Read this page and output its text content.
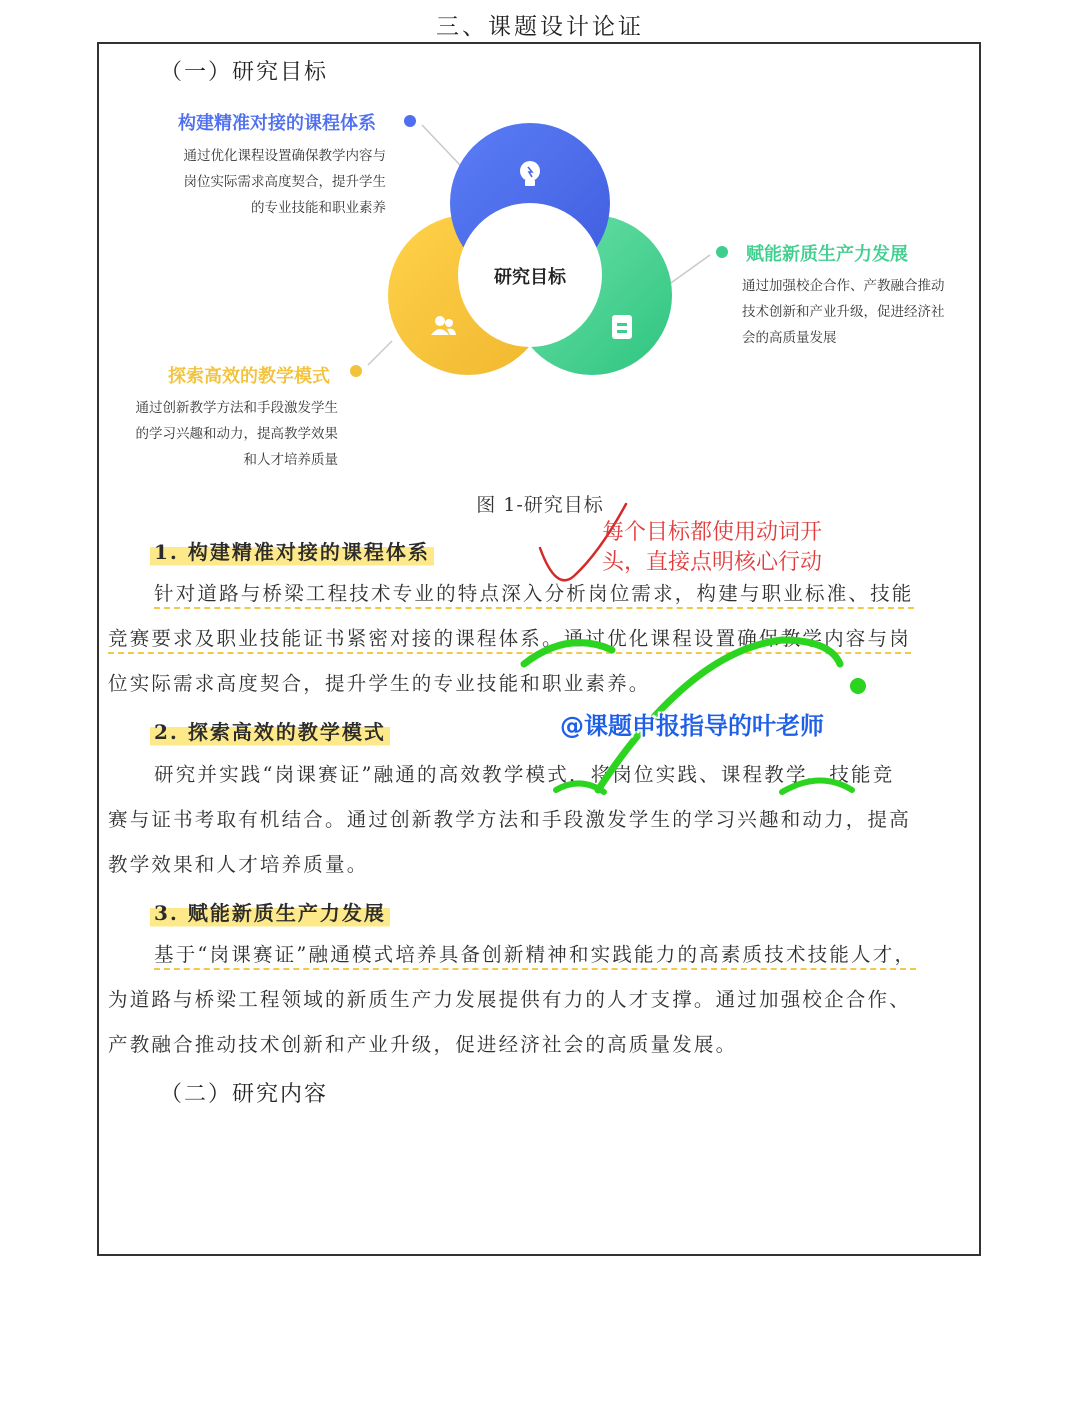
三、课题设计论证
（一）研究目标
研究目标
构建精准对接的课程体系
通过优化课程设置确保教学内容与
岗位实际需求高度契合，提升学生
的专业技能和职业素养
赋能新质生产力发展
通过加强校企合作、产教融合推动
技术创新和产业升级，促进经济社
会的高质量发展
探索高效的教学模式
通过创新教学方法和手段激发学生
的学习兴趣和动力，提高教学效果
和人才培养质量
图 1-研究目标
1. 构建精准对接的课程体系
针对道路与桥梁工程技术专业的特点深入分析岗位需求，构建与职业标准、技能
竞赛要求及职业技能证书紧密对接的课程体系。通过优化课程设置确保教学内容与岗
位实际需求高度契合，提升学生的专业技能和职业素养。
2. 探索高效的教学模式
研究并实践“岗课赛证”融通的高效教学模式，将岗位实践、课程教学、技能竞
赛与证书考取有机结合。通过创新教学方法和手段激发学生的学习兴趣和动力，提高
教学效果和人才培养质量。
3. 赋能新质生产力发展
基于“岗课赛证”融通模式培养具备创新精神和实践能力的高素质技术技能人才，
为道路与桥梁工程领域的新质生产力发展提供有力的人才支撑。通过加强校企合作、
产教融合推动技术创新和产业升级，促进经济社会的高质量发展。
（二）研究内容
每个目标都使用动词开
头，直接点明核心行动
@课题申报指导的叶老师
